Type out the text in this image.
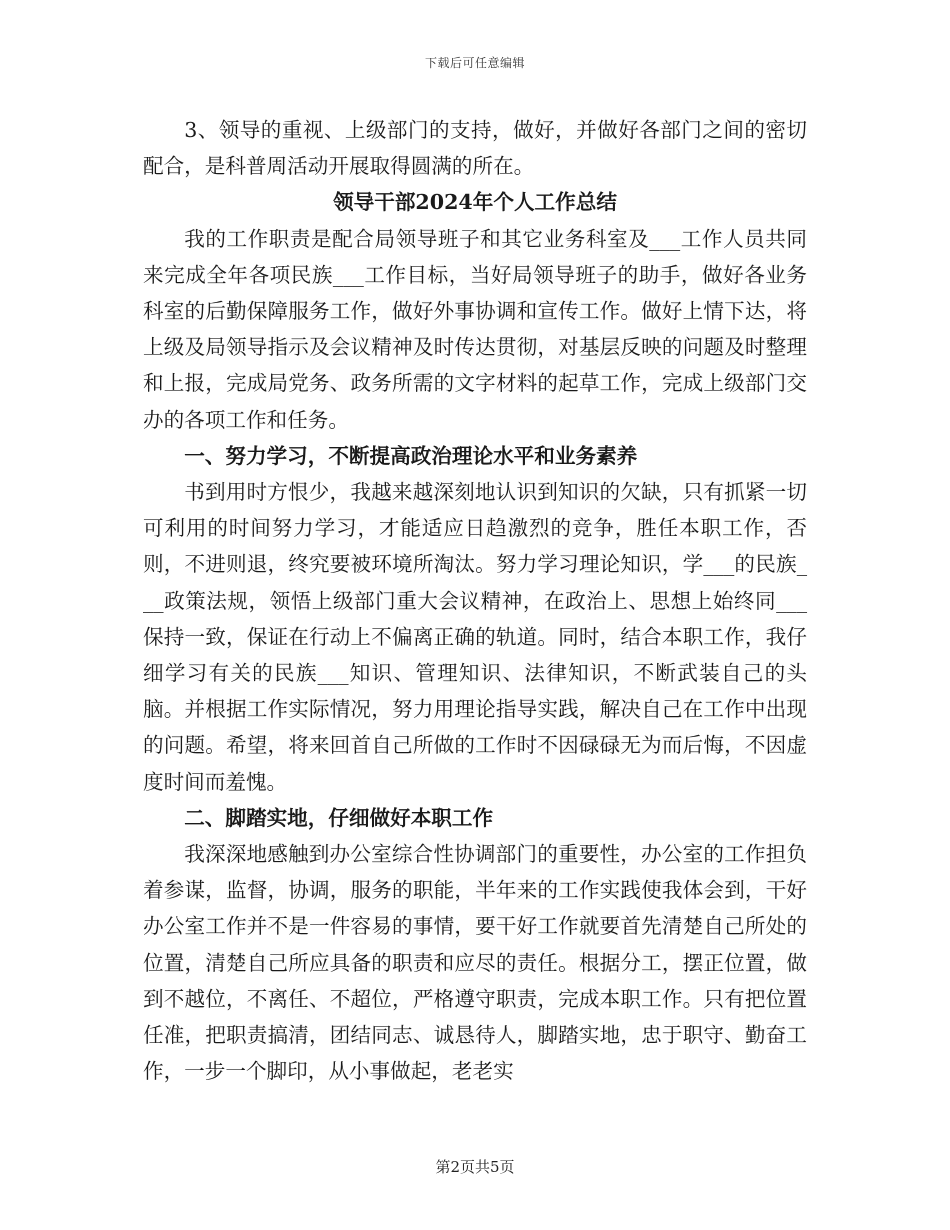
下载后可任意编辑

3、领导的重视、上级部门的支持，做好，并做好各部门之间的密切配合，是科普周活动开展取得圆满的所在。

领导干部2024年个人工作总结

我的工作职责是配合局领导班子和其它业务科室及___工作人员共同来完成全年各项民族___工作目标，当好局领导班子的助手，做好各业务科室的后勤保障服务工作，做好外事协调和宣传工作。做好上情下达，将上级及局领导指示及会议精神及时传达贯彻，对基层反映的问题及时整理和上报，完成局党务、政务所需的文字材料的起草工作，完成上级部门交办的各项工作和任务。

一、努力学习，不断提高政治理论水平和业务素养

书到用时方恨少，我越来越深刻地认识到知识的欠缺，只有抓紧一切可利用的时间努力学习，才能适应日趋激烈的竞争，胜任本职工作，否则，不进则退，终究要被环境所淘汰。努力学习理论知识，学___的民族___政策法规，领悟上级部门重大会议精神，在政治上、思想上始终同___保持一致，保证在行动上不偏离正确的轨道。同时，结合本职工作，我仔细学习有关的民族___知识、管理知识、法律知识，不断武装自己的头脑。并根据工作实际情况，努力用理论指导实践，解决自己在工作中出现的问题。希望，将来回首自己所做的工作时不因碌碌无为而后悔，不因虚度时间而羞愧。

二、脚踏实地，仔细做好本职工作

我深深地感触到办公室综合性协调部门的重要性，办公室的工作担负着参谋，监督，协调，服务的职能，半年来的工作实践使我体会到，干好办公室工作并不是一件容易的事情，要干好工作就要首先清楚自己所处的位置，清楚自己所应具备的职责和应尽的责任。根据分工，摆正位置，做到不越位，不离任、不超位，严格遵守职责，完成本职工作。只有把位置任准，把职责搞清，团结同志、诚恳待人，脚踏实地，忠于职守、勤奋工作，一步一个脚印，从小事做起，老老实

第2页共5页
